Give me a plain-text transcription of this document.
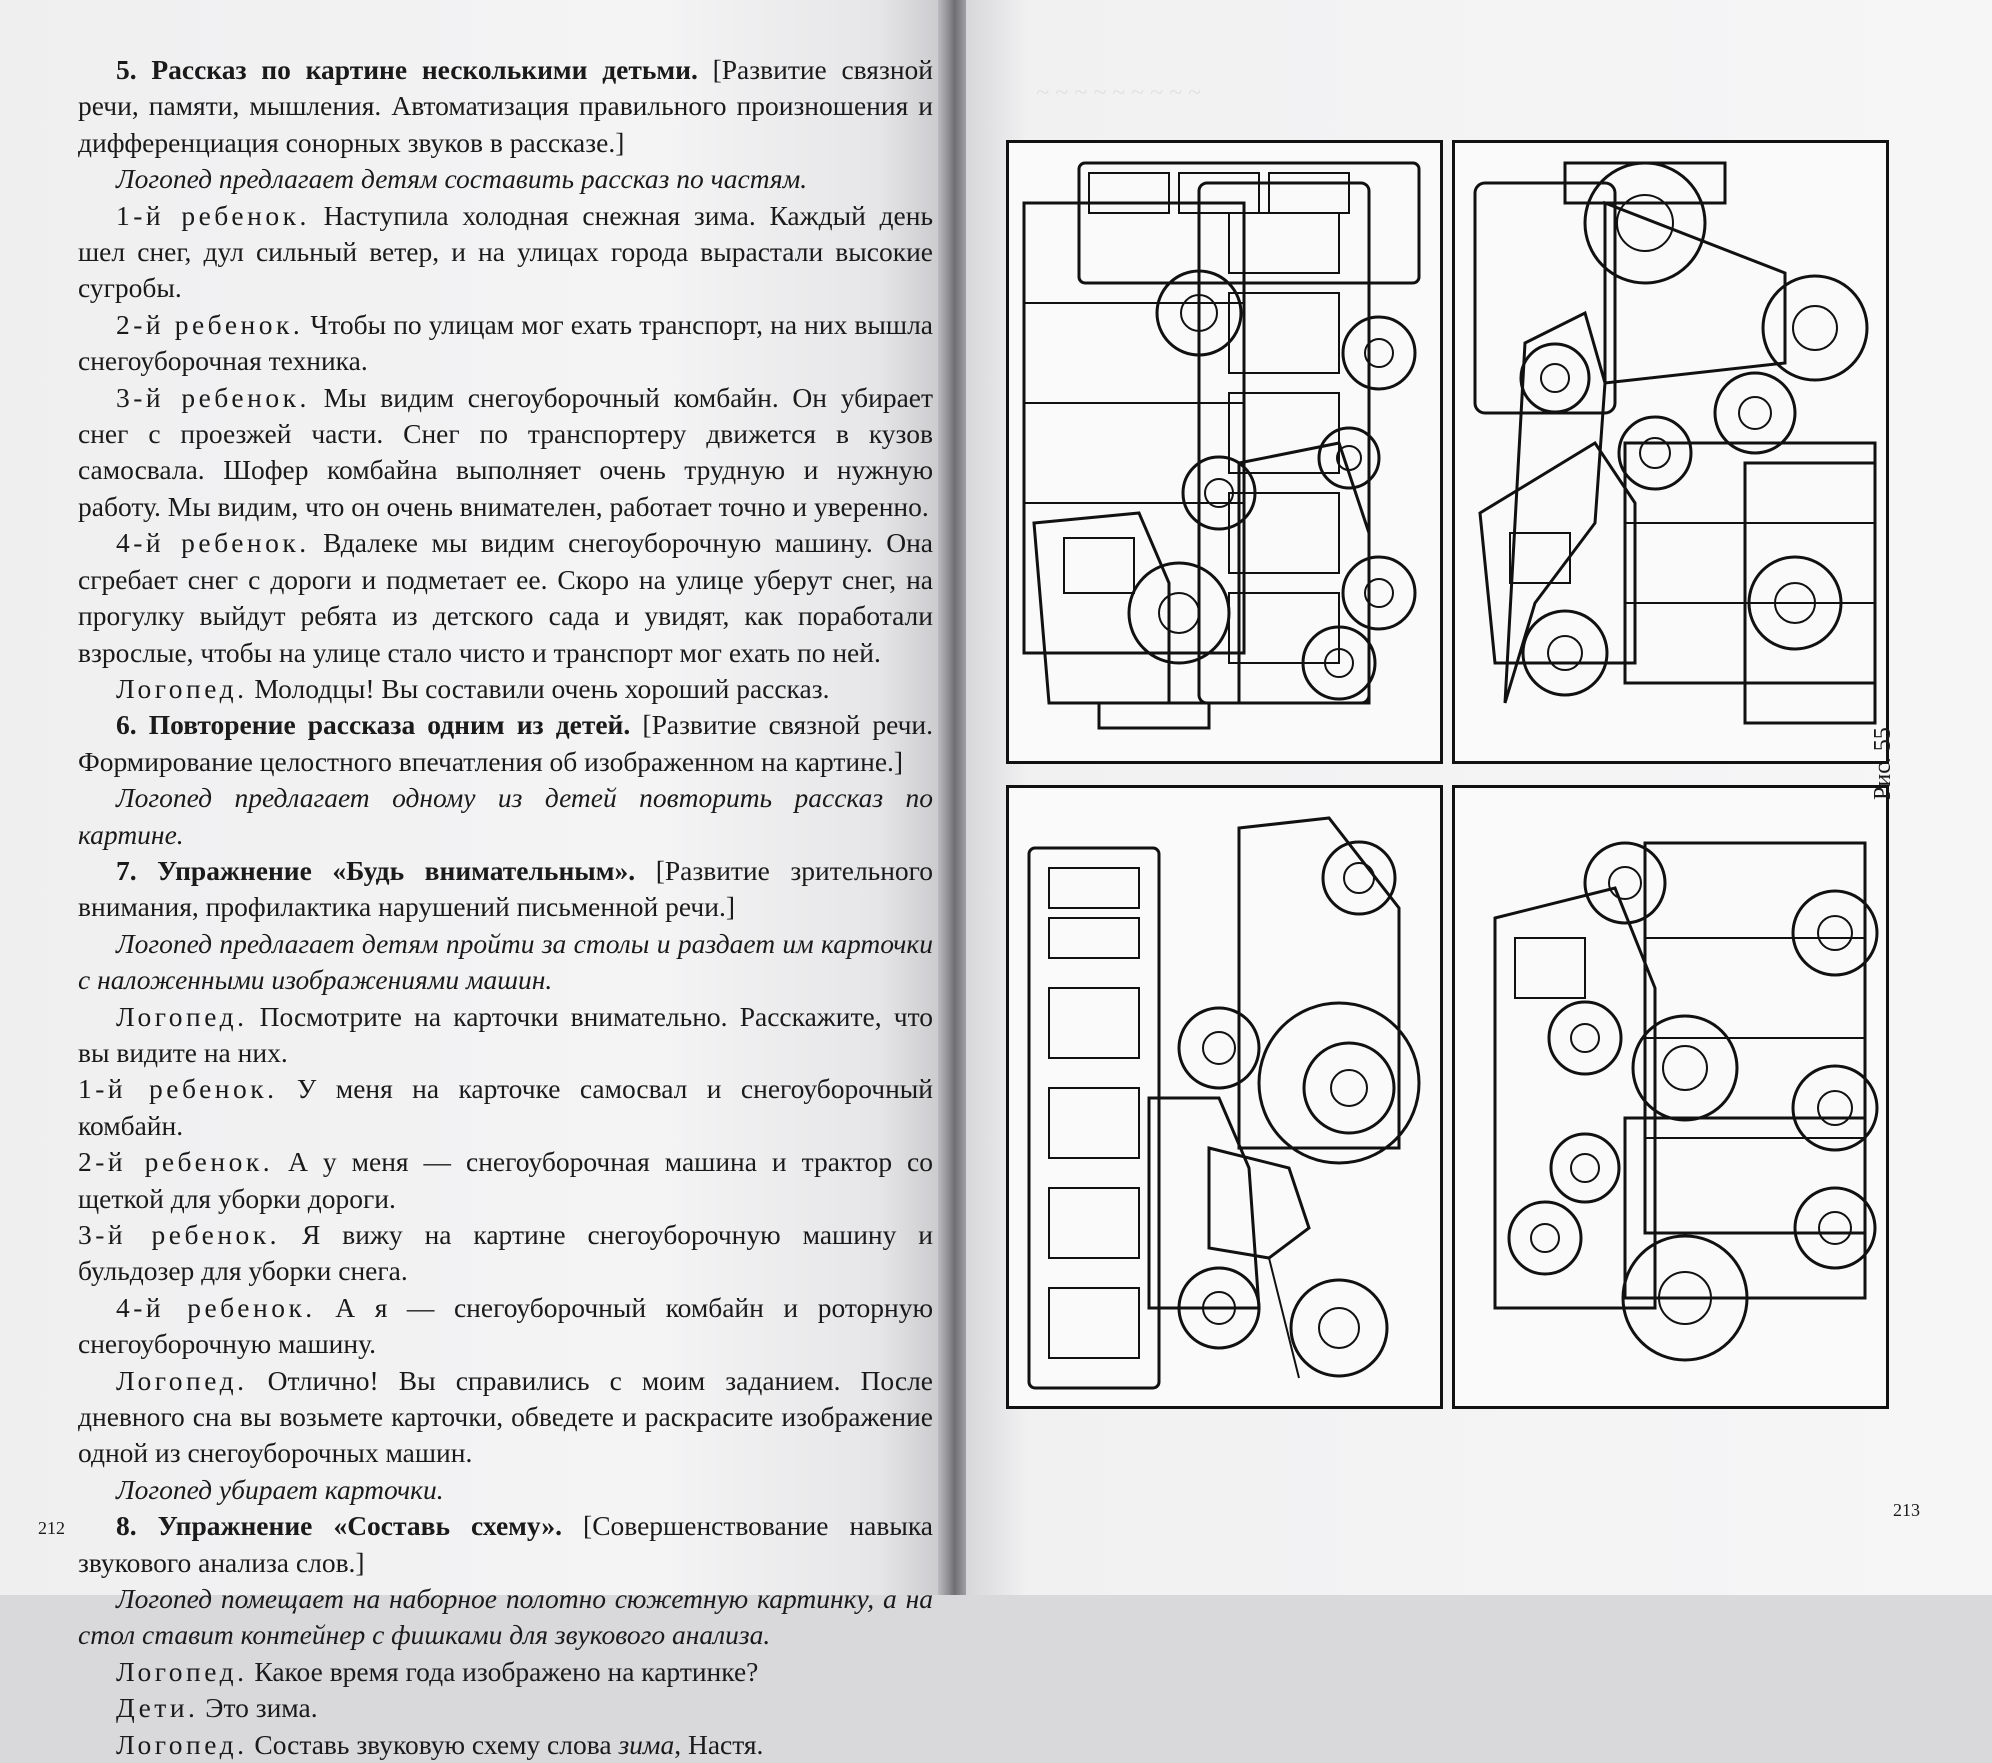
5. Рассказ по картине несколькими детьми. [Развитие связной речи, памяти, мышления. Автоматизация правильного произношения и дифференциация сонорных звуков в рассказе.]

Логопед предлагает детям составить рассказ по частям.

1-й ребенок. Наступила холодная снежная зима. Каждый день шел снег, дул сильный ветер, и на улицах города вырастали высокие сугробы.

2-й ребенок. Чтобы по улицам мог ехать транспорт, на них вышла снегоуборочная техника.

3-й ребенок. Мы видим снегоуборочный комбайн. Он убирает снег с проезжей части. Снег по транспортеру движется в кузов самосвала. Шофер комбайна выполняет очень трудную и нужную работу. Мы видим, что он очень внимателен, работает точно и уверенно.

4-й ребенок. Вдалеке мы видим снегоуборочную машину. Она сгребает снег с дороги и подметает ее. Скоро на улице уберут снег, на прогулку выйдут ребята из детского сада и увидят, как поработали взрослые, чтобы на улице стало чисто и транспорт мог ехать по ней.

Логопед. Молодцы! Вы составили очень хороший рассказ.

6. Повторение рассказа одним из детей. [Развитие связной речи. Формирование целостного впечатления об изображенном на картине.]

Логопед предлагает одному из детей повторить рассказ по картине.

7. Упражнение «Будь внимательным». [Развитие зрительного внимания, профилактика нарушений письменной речи.]

Логопед предлагает детям пройти за столы и раздает им карточки с наложенными изображениями машин.

Логопед. Посмотрите на карточки внимательно. Расскажите, что вы видите на них.

1-й ребенок. У меня на карточке самосвал и снегоуборочный комбайн.

2-й ребенок. А у меня — снегоуборочная машина и трактор со щеткой для уборки дороги.

3-й ребенок. Я вижу на картине снегоуборочную машину и бульдозер для уборки снега.

4-й ребенок. А я — снегоуборочный комбайн и роторную снегоуборочную машину.

Логопед. Отлично! Вы справились с моим заданием. После дневного сна вы возьмете карточки, обведете и раскрасите изображение одной из снегоуборочных машин.

Логопед убирает карточки.

8. Упражнение «Составь схему». [Совершенствование навыка звукового анализа слов.]

Логопед помещает на наборное полотно сюжетную картинку, а на стол ставит контейнер с фишками для звукового анализа.

Логопед. Какое время года изображено на картинке?

Дети. Это зима.

Логопед. Составь звуковую схему слова зима, Настя.

212
~ ~ ~ ~ ~ ~ ~ ~ ~
Рис. 55
213
